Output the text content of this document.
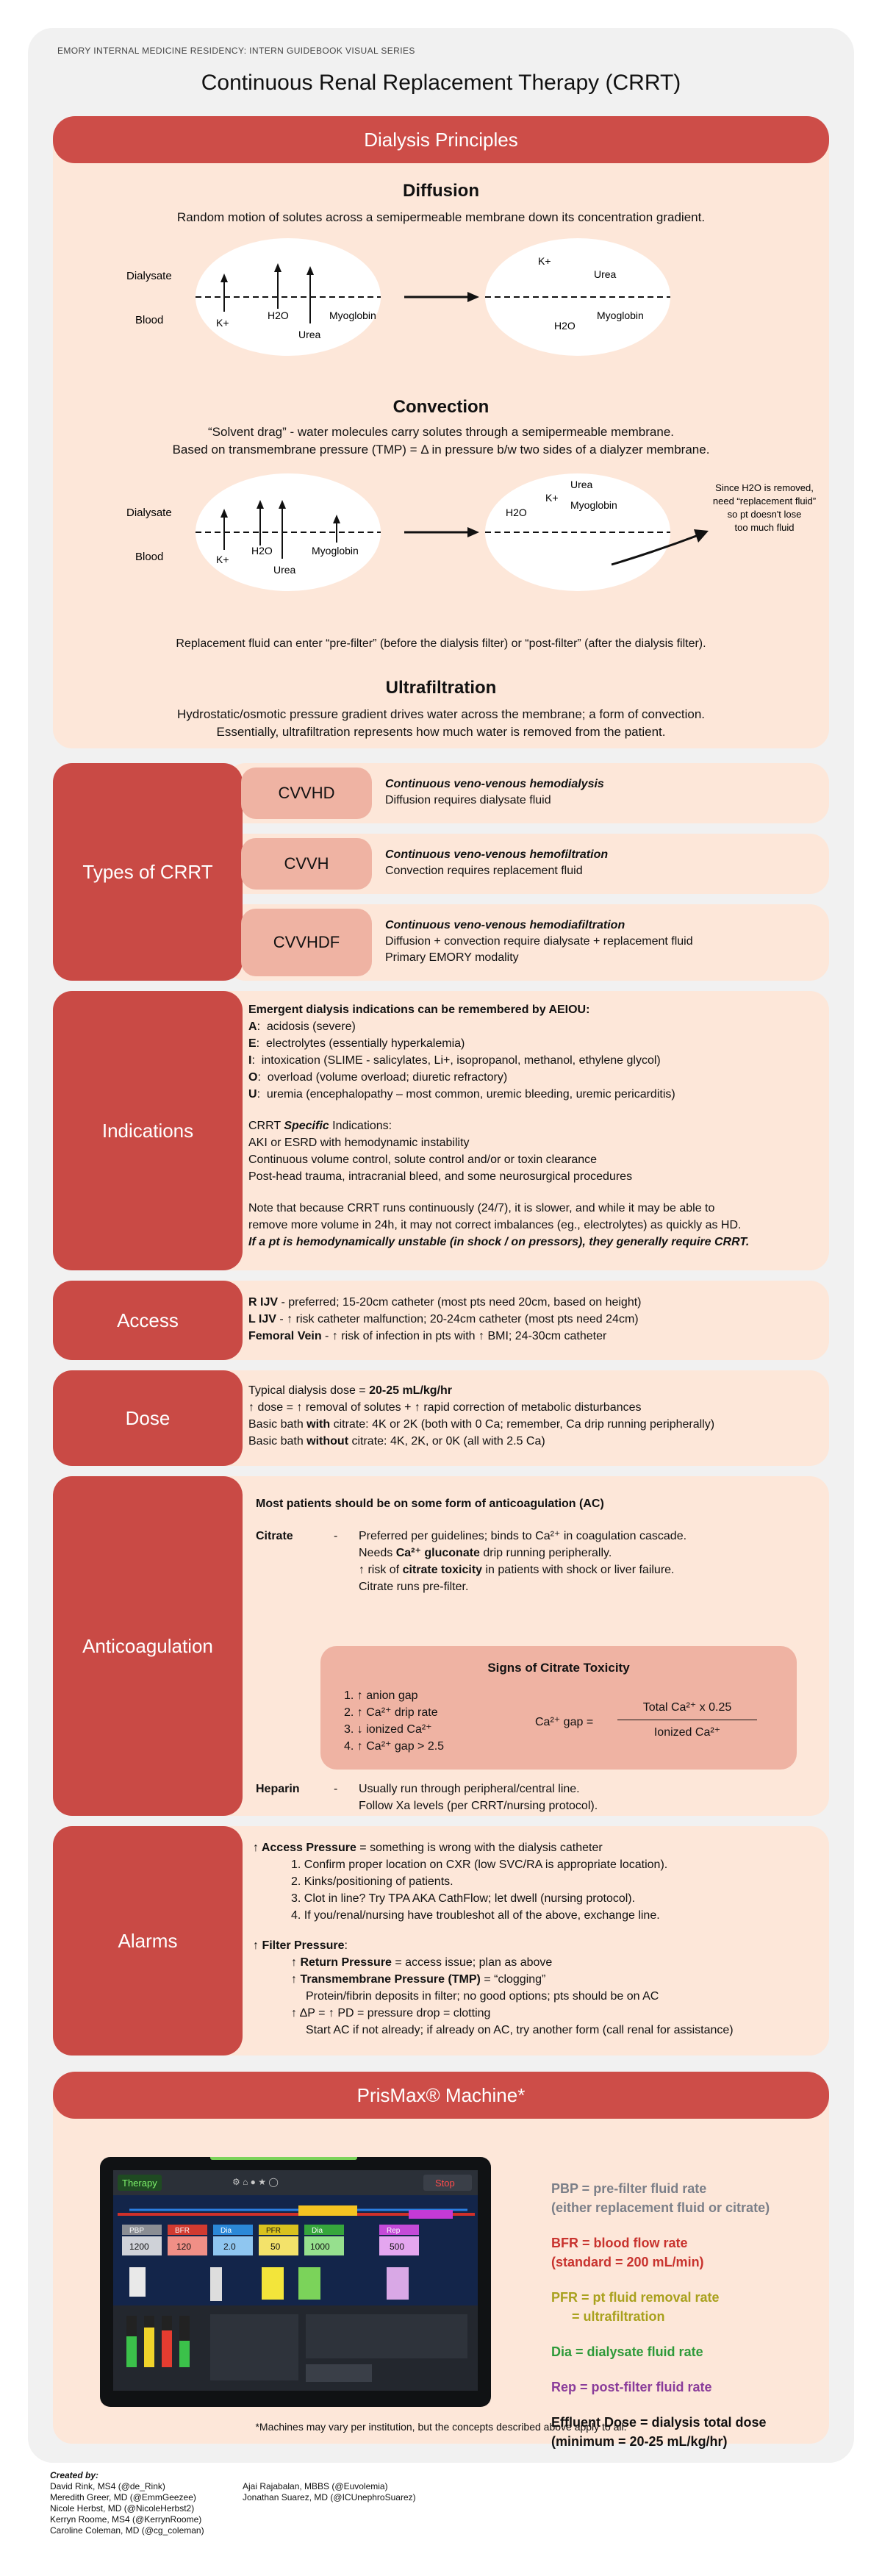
EMORY INTERNAL MEDICINE RESIDENCY: INTERN GUIDEBOOK VISUAL SERIES
Continuous Renal Replacement Therapy (CRRT)
Diffusion
Random motion of solutes across a semipermeable membrane down its concentration gradient.
Dialysate
Blood	K+
H2O
Urea
Myoglobin
K+
Urea
Myoglobin
H2O
Convection
“Solvent drag” - water molecules carry solutes through a semipermeable membrane.
Based on transmembrane pressure (TMP) = Δ in pressure b/w two sides of a dialyzer membrane.
Dialysate
Blood	K+
H2O
Urea
Myoglobin
Urea
K+
Myoglobin
H2O
Since H2O is removed,
need “replacement fluid”
so pt doesn't lose
too much fluid
Replacement fluid can enter “pre-filter” (before the dialysis filter) or “post-filter” (after the dialysis filter).
Ultrafiltration
Hydrostatic/osmotic pressure gradient drives water across the membrane; a form of convection.
Essentially, ultrafiltration represents how much water is removed from the patient.
Dialysis Principles
Types of CRRT
CVVHD	Continuous veno-venous hemodialysis
Diffusion requires dialysate fluid
CVVH	Continuous veno-venous hemofiltration
Convection requires replacement fluid
CVVHDF
Continuous veno-venous hemodiafiltration
Diffusion + convection require dialysate + replacement fluid
Primary EMORY modality
Indications
Emergent dialysis indications can be remembered by AEIOU:
A:  acidosis (severe)
E:  electrolytes (essentially hyperkalemia)
I:  intoxication (SLIME - salicylates, Li+, isopropanol, methanol, ethylene glycol)
O:  overload (volume overload; diuretic refractory)
U:  uremia (encephalopathy – most common, uremic bleeding, uremic pericarditis)
CRRT Specific Indications:
AKI or ESRD with hemodynamic instability
Continuous volume control, solute control and/or or toxin clearance
Post-head trauma, intracranial bleed, and some neurosurgical procedures
Note that because CRRT runs continuously (24/7), it is slower, and while it may be able to
remove more volume in 24h, it may not correct imbalances (eg., electrolytes) as quickly as HD.
If a pt is hemodynamically unstable (in shock / on pressors), they generally require CRRT.
Access
R IJV - preferred; 15-20cm catheter (most pts need 20cm, based on height)
L IJV - ↑ risk catheter malfunction; 20-24cm catheter (most pts need 24cm)
Femoral Vein - ↑ risk of infection in pts with ↑ BMI; 24-30cm catheter
Dose
Typical dialysis dose = 20-25 mL/kg/hr
↑ dose = ↑ removal of solutes + ↑ rapid correction of metabolic disturbances
Basic bath with citrate: 4K or 2K (both with 0 Ca; remember, Ca drip running peripherally)
Basic bath without citrate: 4K, 2K, or 0K (all with 2.5 Ca)
Anticoagulation
Most patients should be on some form of anticoagulation (AC)
Citrate	- Preferred per guidelines; binds to Ca²⁺ in coagulation cascade.
Needs Ca²⁺ gluconate drip running peripherally.
↑ risk of citrate toxicity in patients with shock or liver failure.
Citrate runs pre-filter.
Signs of Citrate Toxicity
1. ↑ anion gap
2. ↑ Ca²⁺ drip rate
3. ↓ ionized Ca²⁺
4. ↑ Ca²⁺ gap > 2.5
Ca²⁺ gap =
Total Ca²⁺ x 0.25
Ionized Ca²⁺
Heparin	- Usually run through peripheral/central line.
Follow Xa levels (per CRRT/nursing protocol).
Alarms
↑ Access Pressure = something is wrong with the dialysis catheter
1. Confirm proper location on CXR (low SVC/RA is appropriate location).
2. Kinks/positioning of patients.
3. Clot in line? Try TPA AKA CathFlow; let dwell (nursing protocol).
4. If you/renal/nursing have troubleshot all of the above, exchange line.
↑ Filter Pressure:
↑ Return Pressure = access issue; plan as above
↑ Transmembrane Pressure (TMP) = “clogging”
Protein/fibrin deposits in filter; no good options; pts should be on AC
↑ ΔP = ↑ PD = pressure drop = clotting
Start AC if not already; if already on AC, try another form (call renal for assistance)
PrisMax® Machine*
Therapy	Stop
⚙ ⌂ ● ★ ◯
PBP
1200
BFR
120
Dia
2.0
PFR
50
Dia
1000
Rep
500
PBP = pre-filter fluid rate
(either replacement fluid or citrate)
BFR = blood flow rate
(standard = 200 mL/min)
PFR = pt fluid removal rate
= ultrafiltration
Dia = dialysate fluid rate
Rep = post-filter fluid rate
Effluent Dose = dialysis total dose
(minimum = 20-25 mL/kg/hr)
*Machines may vary per institution, but the concepts described above apply to all.
Created by:
David Rink, MS4 (@de_Rink)
Meredith Greer, MD (@EmmGeezee)
Nicole Herbst, MD (@NicoleHerbst2)
Kerryn Roome, MS4 (@KerrynRoome)
Caroline Coleman, MD (@cg_coleman)
Ajai Rajabalan, MBBS (@Euvolemia)
Jonathan Suarez, MD (@ICUnephroSuarez)
